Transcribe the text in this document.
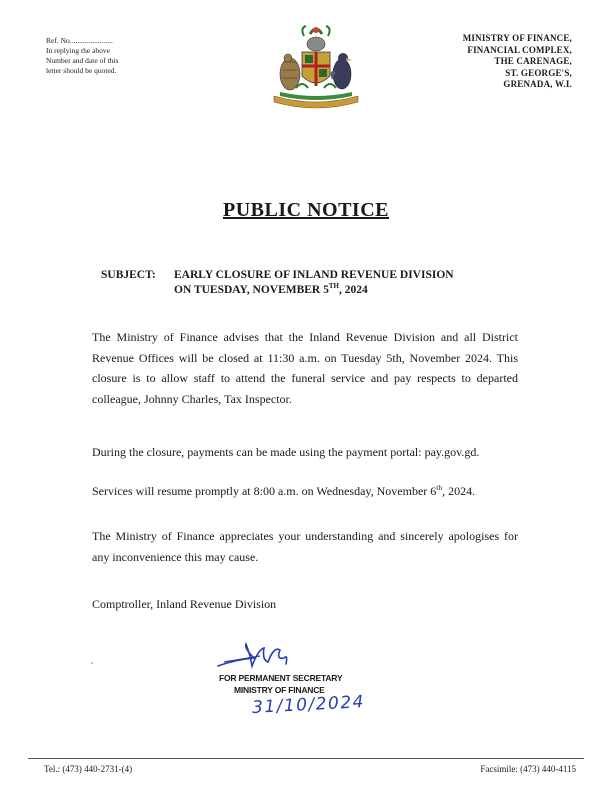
Ref. No.......................
In replying the above
Number and date of this
letter should be quoted.
MINISTRY OF FINANCE,
FINANCIAL COMPLEX,
THE CARENAGE,
ST. GEORGE'S,
GRENADA, W.I.
PUBLIC NOTICE
SUBJECT: EARLY CLOSURE OF INLAND REVENUE DIVISION
ON TUESDAY, NOVEMBER 5TH, 2024
The Ministry of Finance advises that the Inland Revenue Division and all District Revenue Offices will be closed at 11:30 a.m. on Tuesday 5th, November 2024. This closure is to allow staff to attend the funeral service and pay respects to departed colleague, Johnny Charles, Tax Inspector.
During the closure, payments can be made using the payment portal: pay.gov.gd.
Services will resume promptly at 8:00 a.m. on Wednesday, November 6th, 2024.
The Ministry of Finance appreciates your understanding and sincerely apologises for any inconvenience this may cause.
Comptroller, Inland Revenue Division
FOR PERMANENT SECRETARY
MINISTRY OF FINANCE
31/10/2024
Tel.: (473) 440-2731-(4)	Facsimile: (473) 440-4115
